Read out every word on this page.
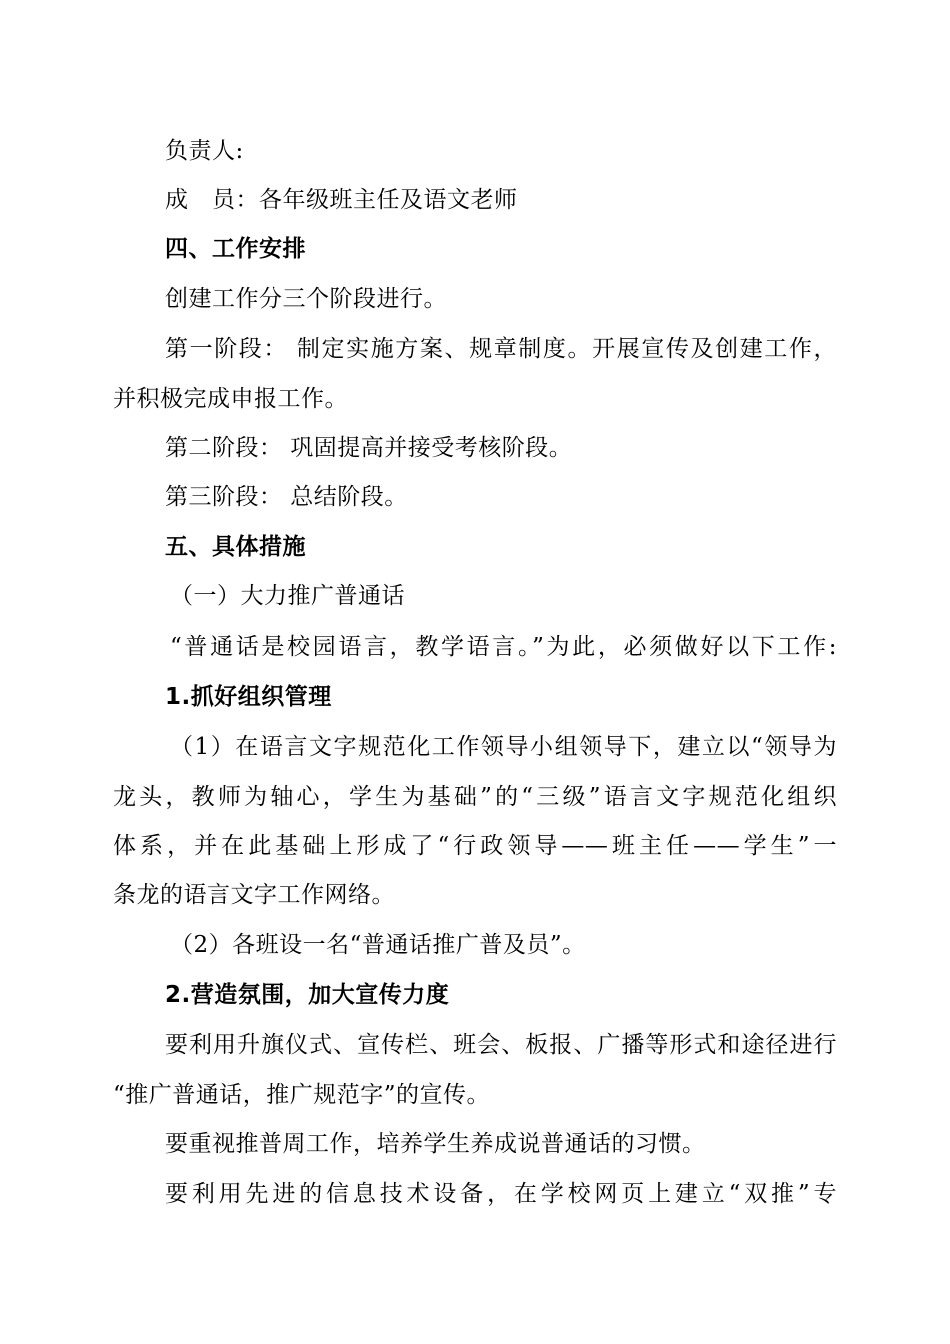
负责人:
成　员：各年级班主任及语文老师
四、工作安排
创建工作分三个阶段进行。
第一阶段： 制定实施方案、规章制度。开展宣传及创建工作，
并积极完成申报工作。
第二阶段： 巩固提高并接受考核阶段。
第三阶段： 总结阶段。
五、具体措施
（一）大力推广普通话
“普通话是校园语言，教学语言。”为此，必须做好以下工作:
1.抓好组织管理
（1）在语言文字规范化工作领导小组领导下，建立以“领导为
龙头，教师为轴心，学生为基础”的“三级”语言文字规范化组织
体系，并在此基础上形成了“行政领导——班主任——学生”一
条龙的语言文字工作网络。
（2）各班设一名“普通话推广普及员”。
2.营造氛围，加大宣传力度
要利用升旗仪式、宣传栏、班会、板报、广播等形式和途径进行
“推广普通话，推广规范字”的宣传。
要重视推普周工作，培养学生养成说普通话的习惯。
要利用先进的信息技术设备，在学校网页上建立“双推”专
